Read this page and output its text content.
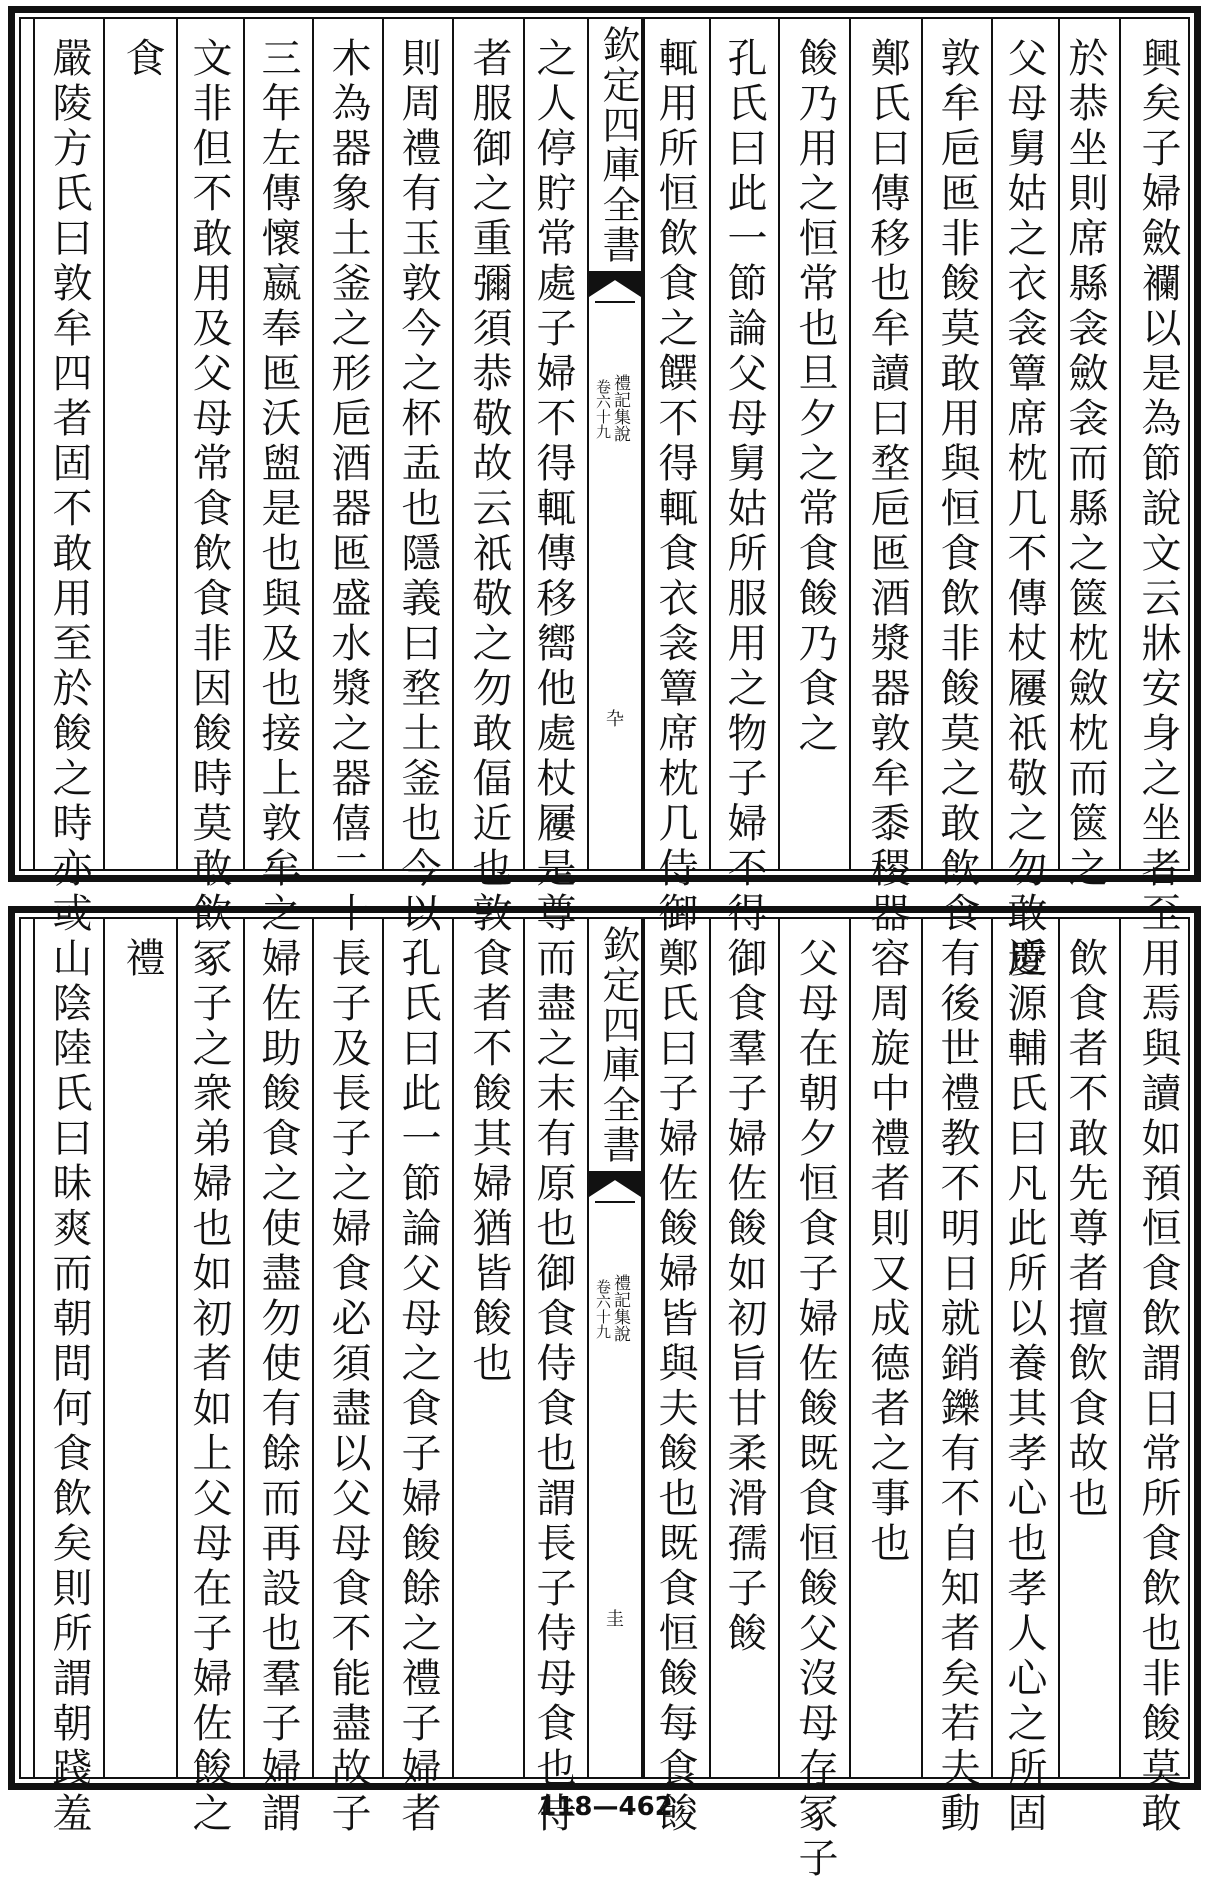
興矣子婦斂襴以是為節說文云牀安身之坐者至
於恭坐則席縣衾斂衾而縣之篋枕斂枕而篋之
父母舅姑之衣衾簟席枕几不傳杖屨祇敬之勿敢近
敦牟巵匜非餕莫敢用與恒食飲非餕莫之敢飲食
鄭氏曰傳移也牟讀曰堥巵匜酒漿器敦牟黍稷器
餕乃用之恒常也旦夕之常食餕乃食之
孔氏曰此一節論父母舅姑所服用之物子婦不得
輒用所恒飲食之饌不得輒食衣衾簟席枕几侍御
欽定四庫全書
禮記集說
卷六十九
卆
之人停貯常處子婦不得輒傳移嚮他處杖屨是尊
者服御之重彌須恭敬故云祇敬之勿敢偪近也敦
則周禮有玉敦今之杯盂也隱義曰堥土釜也今以
木為器象土釜之形巵酒器匜盛水漿之器僖二十
三年左傳懷嬴奉匜沃盥是也與及也接上敦牟之
文非但不敢用及父母常食飲食非因餕時莫敢飲
食
嚴陵方氏曰敦牟四者固不敢用至於餕之時亦或
用焉與讀如預恒食飲謂日常所食飲也非餕莫敢
飲食者不敢先尊者擅飲食故也
慶源輔氏曰凡此所以養其孝心也孝人心之所固
有後世禮教不明日就銷鑠有不自知者矣若夫動
容周旋中禮者則又成德者之事也
父母在朝夕恒食子婦佐餕既食恒餕父沒母存冢子
御食羣子婦佐餕如初旨甘柔滑孺子餕
鄭氏曰子婦佐餕婦皆與夫餕也既食恒餕每食餕
欽定四庫全書
禮記集說
卷六十九
圭
而盡之末有原也御食侍食也謂長子侍母食也侍
食者不餕其婦猶皆餕也
孔氏曰此一節論父母之食子婦餕餘之禮子婦者
長子及長子之婦食必須盡以父母食不能盡故子
婦佐助餕食之使盡勿使有餘而再設也羣子婦謂
冢子之衆弟婦也如初者如上父母在子婦佐餕之
禮
山陰陸氏曰昧爽而朝問何食飲矣則所謂朝踐羞	118—462
